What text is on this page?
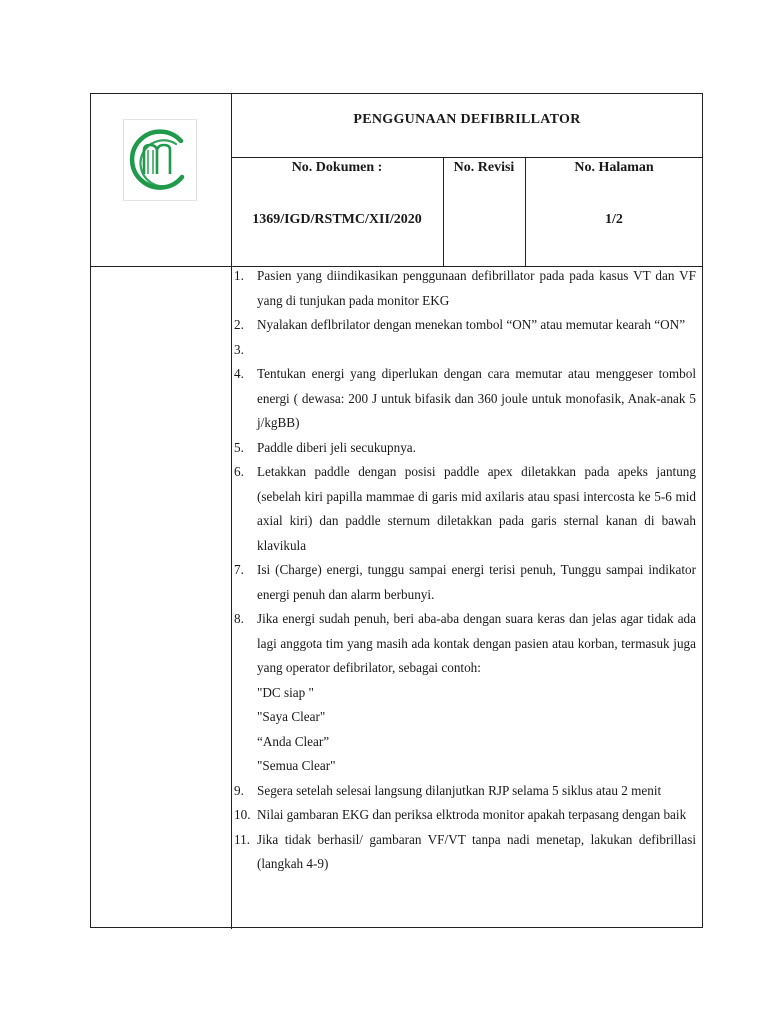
PENGGUNAAN DEFIBRILLATOR
No. Dokumen :
1369/IGD/RSTMC/XII/2020
No. Revisi	No. Halaman
1/2
1. Pasien yang diindikasikan penggunaan defibrillator pada pada kasus VT dan VF yang di tunjukan pada monitor EKG
2. Nyalakan deflbrilator dengan menekan tombol “ON” atau memutar kearah “ON”
3.
4. Tentukan energi yang diperlukan dengan cara memutar atau menggeser tombol energi ( dewasa: 200 J untuk bifasik dan 360 joule untuk monofasik, Anak-anak 5 j/kgBB)
5. Paddle diberi jeli secukupnya.
6. Letakkan paddle dengan posisi paddle apex diletakkan pada apeks jantung (sebelah kiri papilla mammae di garis mid axilaris atau spasi intercosta ke 5-6 mid axial kiri) dan paddle sternum diletakkan pada garis sternal kanan di bawah klavikula
7. Isi (Charge) energi, tunggu sampai energi terisi penuh, Tunggu sampai indikator energi penuh dan alarm berbunyi.
8. Jika energi sudah penuh, beri aba-aba dengan suara keras dan jelas agar tidak ada lagi anggota tim yang masih ada kontak dengan pasien atau korban, termasuk juga yang operator defibrilator, sebagai contoh:
"DC siap "
"Saya Clear"
“Anda Clear”
"Semua Clear"
9. Segera setelah selesai langsung dilanjutkan RJP selama 5 siklus atau 2 menit
10. Nilai gambaran EKG dan periksa elktroda monitor apakah terpasang dengan baik
11. Jika tidak berhasil/ gambaran VF/VT tanpa nadi menetap, lakukan defibrillasi (langkah 4-9)
